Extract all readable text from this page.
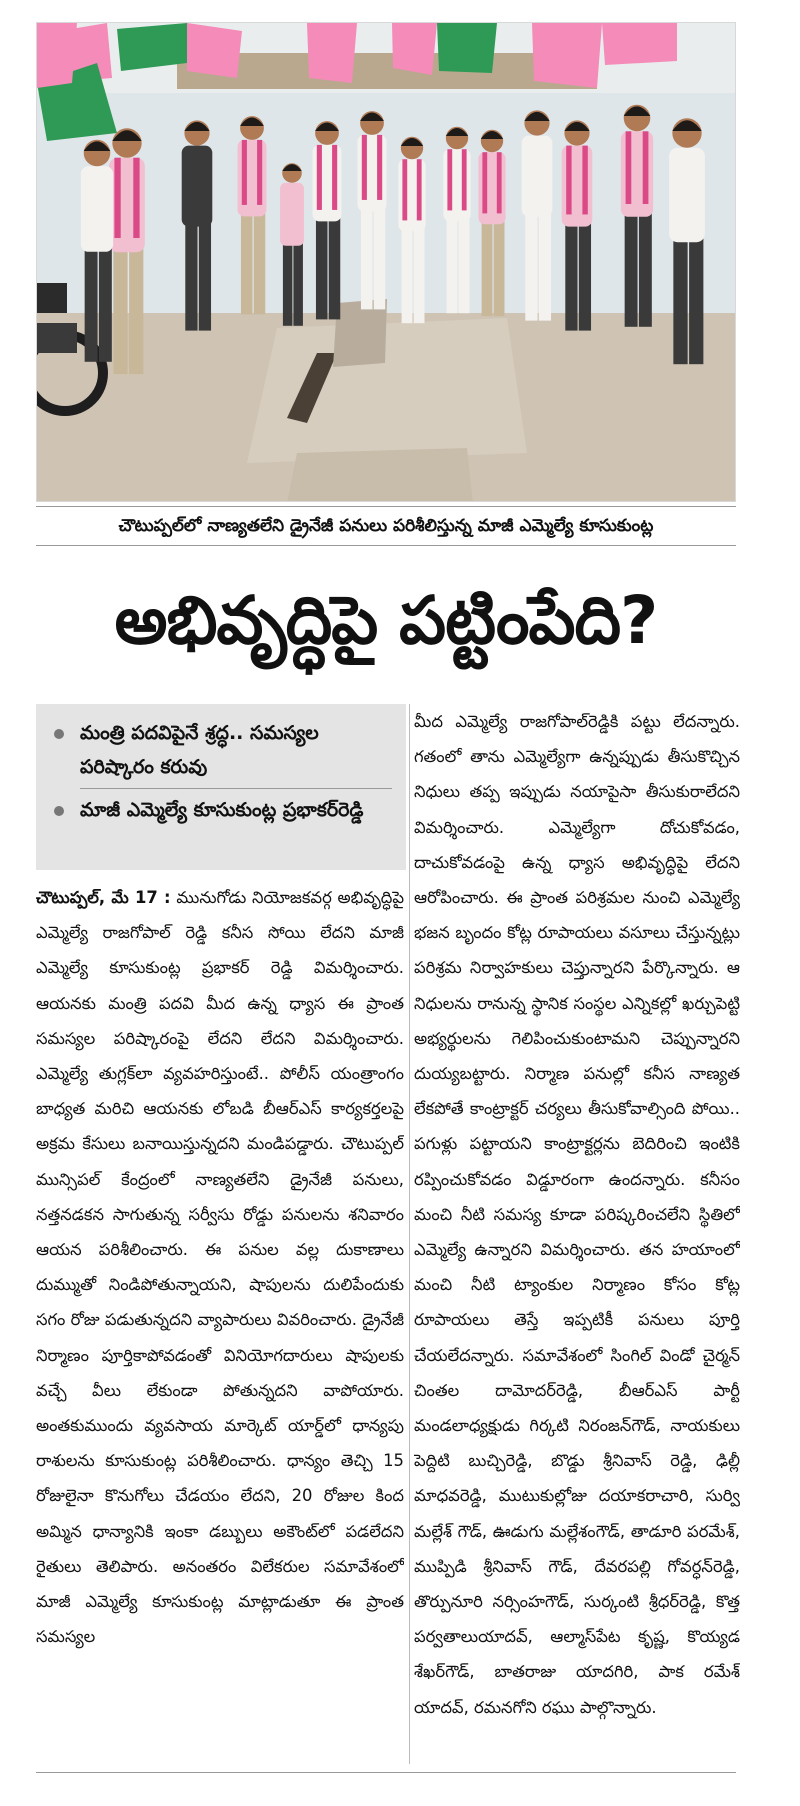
చౌటుప్పల్‌లో నాణ్యతలేని డ్రైనేజీ పనులు పరిశీలిస్తున్న మాజీ ఎమ్మెల్యే కూసుకుంట్ల
అభివృద్ధిపై పట్టింపేది?
మంత్రి పదవిపైనే శ్రద్ధ.. సమస్యల పరిష్కారం కరువు
మాజీ ఎమ్మెల్యే కూసుకుంట్ల ప్రభాకర్‌రెడ్డి
చౌటుప్పల్‌, మే 17 : మునుగోడు నియోజకవర్గ అభివృద్ధిపై ఎమ్మెల్యే రాజగోపాల్‌ రెడ్డి కనీస సోయి లేదని మాజీ ఎమ్మెల్యే కూసుకుంట్ల ప్రభాకర్‌ రెడ్డి విమర్శించారు. ఆయనకు మంత్రి పదవి మీద ఉన్న ధ్యాస ఈ ప్రాంత సమస్యల పరిష్కారంపై లేదని లేదని విమర్శించారు. ఎమ్మెల్యే తుగ్లక్‌లా వ్యవహరిస్తుంటే.. పోలీస్‌ యంత్రాంగం బాధ్యత మరిచి ఆయనకు లోబడి బీఆర్‌ఎస్‌ కార్యకర్తలపై అక్రమ కేసులు బనాయిస్తున్నదని మండిపడ్డారు. చౌటుప్పల్‌ మున్సిపల్‌ కేంద్రంలో నాణ్యతలేని డ్రైనేజీ పనులు, నత్తనడకన సాగుతున్న సర్వీసు రోడ్డు పనులను శనివారం ఆయన పరిశీలించారు. ఈ పనుల వల్ల దుకాణాలు దుమ్ముతో నిండిపోతున్నాయని, షాపులను దులిపేందుకు సగం రోజు పడుతున్నదని వ్యాపారులు వివరించారు. డ్రైనేజీ నిర్మాణం పూర్తికాపోవడంతో వినియోగదారులు షాపులకు వచ్చే వీలు లేకుండా పోతున్నదని వాపోయారు. అంతకుముందు వ్యవసాయ మార్కెట్‌ యార్డ్‌లో ధాన్యపు రాశులను కూసుకుంట్ల పరిశీలించారు. ధాన్యం తెచ్చి 15 రోజులైనా కొనుగోలు చేడయం లేదని, 20 రోజుల కింద అమ్మిన ధాన్యానికి ఇంకా డబ్బులు అకౌంట్‌లో పడలేదని రైతులు తెలిపారు. అనంతరం విలేకరుల సమావేశంలో మాజీ ఎమ్మెల్యే కూసుకుంట్ల మాట్లాడుతూ ఈ ప్రాంత సమస్యల
మీద ఎమ్మెల్యే రాజగోపాల్‌రెడ్డికి పట్టు లేదన్నారు. గతంలో తాను ఎమ్మెల్యేగా ఉన్నప్పుడు తీసుకొచ్చిన నిధులు తప్ప ఇప్పుడు నయాపైసా తీసుకురాలేదని విమర్శించారు. ఎమ్మెల్యేగా దోచుకోవడం, దాచుకోవడంపై ఉన్న ధ్యాస అభివృద్ధిపై లేదని ఆరోపించారు. ఈ ప్రాంత పరిశ్రమల నుంచి ఎమ్మెల్యే భజన బృందం కోట్ల రూపాయలు వసూలు చేస్తున్నట్లు పరిశ్రమ నిర్వాహకులు చెప్తున్నారని పేర్కొన్నారు. ఆ నిధులను రానున్న స్థానిక సంస్థల ఎన్నికల్లో ఖర్చుపెట్టి అభ్యర్థులను గెలిపించుకుంటామని చెప్పున్నారని దుయ్యబట్టారు. నిర్మాణ పనుల్లో కనీస నాణ్యత లేకపోతే కాంట్రాక్టర్‌ చర్యలు తీసుకోవాల్సింది పోయి.. పగుళ్లు పట్టాయని కాంట్రాక్టర్లను బెదిరించి ఇంటికి రప్పించుకోవడం విడ్డూరంగా ఉందన్నారు. కనీసం మంచి నీటి సమస్య కూడా పరిష్కరించలేని స్థితిలో ఎమ్మెల్యే ఉన్నారని విమర్శించారు. తన హయాంలో మంచి నీటి ట్యాంకుల నిర్మాణం కోసం కోట్ల రూపాయలు తెస్తే ఇప్పటికీ పనులు పూర్తి చేయలేదన్నారు. సమావేశంలో సింగిల్‌ విండో చైర్మన్‌ చింతల దామోదర్‌రెడ్డి, బీఆర్‌ఎస్‌ పార్టీ మండలాధ్యక్షుడు గిర్కటి నిరంజన్‌గౌడ్‌, నాయకులు పెద్దిటి బుచ్చిరెడ్డి, బొడ్డు శ్రీనివాస్‌ రెడ్డి, ఢిల్లీ మాధవరెడ్డి, ముటుకుల్లోజు దయాకరాచారి, సుర్వి మల్లేశ్‌ గౌడ్‌, ఊడుగు మల్లేశంగౌడ్‌, తాడూరి పరమేశ్‌, ముప్పిడి శ్రీనివాస్‌ గౌడ్‌, దేవరపల్లి గోవర్ధన్‌రెడ్డి, తొర్పునూరి నర్సింహగౌడ్‌, సుర్కంటి శ్రీధర్‌రెడ్డి, కొత్త పర్వతాలుయాదవ్‌, ఆల్మాస్‌పేట కృష్ణ, కొయ్యడ శేఖర్‌గౌడ్‌, బాతరాజు యాదగిరి, పాక రమేశ్‌ యాదవ్‌, రమనగోని రఘు పాల్గొన్నారు.
